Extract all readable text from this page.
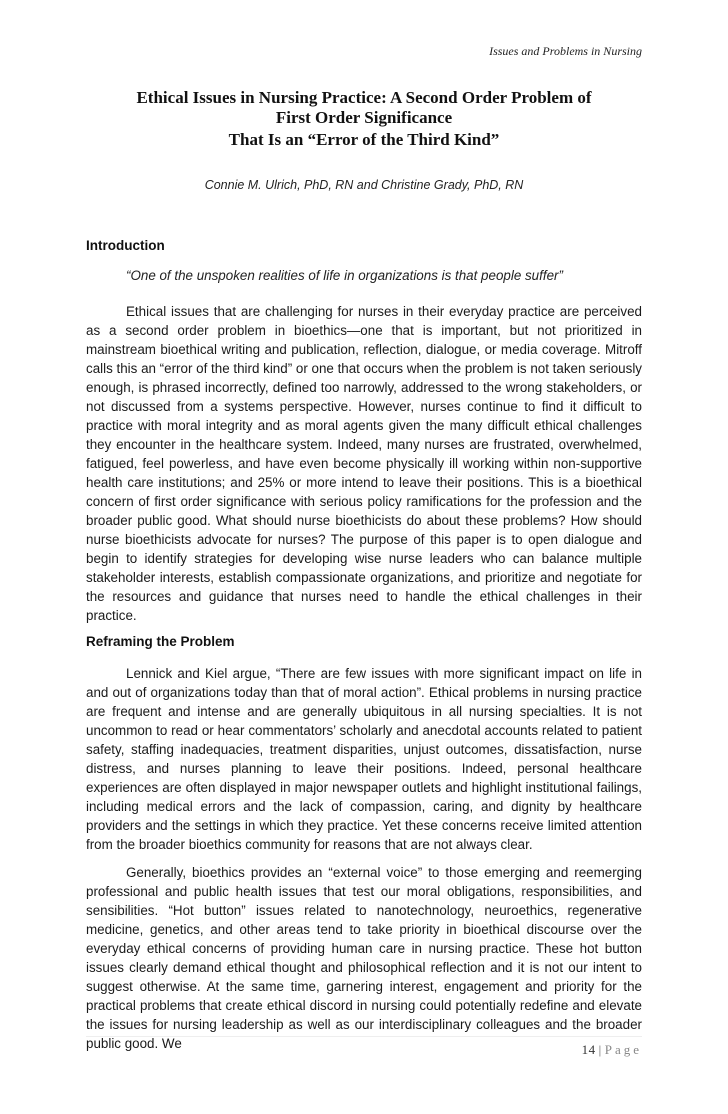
Issues and Problems in Nursing
Ethical Issues in Nursing Practice: A Second Order Problem of
First Order Significance
That Is an “Error of the Third Kind”
Connie M. Ulrich, PhD, RN and Christine Grady, PhD, RN
Introduction
“One of the unspoken realities of life in organizations is that people suffer”

Ethical issues that are challenging for nurses in their everyday practice are perceived as a second order problem in bioethics—one that is important, but not prioritized in mainstream bioethical writing and publication, reflection, dialogue, or media coverage. Mitroff calls this an “error of the third kind” or one that occurs when the problem is not taken seriously enough, is phrased incorrectly, defined too narrowly, addressed to the wrong stakeholders, or not discussed from a systems perspective. However, nurses continue to find it difficult to practice with moral integrity and as moral agents given the many difficult ethical challenges they encounter in the healthcare system. Indeed, many nurses are frustrated, overwhelmed, fatigued, feel powerless, and have even become physically ill working within non-supportive health care institutions; and 25% or more intend to leave their positions. This is a bioethical concern of first order significance with serious policy ramifications for the profession and the broader public good. What should nurse bioethicists do about these problems? How should nurse bioethicists advocate for nurses? The purpose of this paper is to open dialogue and begin to identify strategies for developing wise nurse leaders who can balance multiple stakeholder interests, establish compassionate organizations, and prioritize and negotiate for the resources and guidance that nurses need to handle the ethical challenges in their practice.

Reframing the Problem

Lennick and Kiel argue, “There are few issues with more significant impact on life in and out of organizations today than that of moral action”. Ethical problems in nursing practice are frequent and intense and are generally ubiquitous in all nursing specialties. It is not uncommon to read or hear commentators’ scholarly and anecdotal accounts related to patient safety, staffing inadequacies, treatment disparities, unjust outcomes, dissatisfaction, nurse distress, and nurses planning to leave their positions. Indeed, personal healthcare experiences are often displayed in major newspaper outlets and highlight institutional failings, including medical errors and the lack of compassion, caring, and dignity by healthcare providers and the settings in which they practice. Yet these concerns receive limited attention from the broader bioethics community for reasons that are not always clear.

Generally, bioethics provides an “external voice” to those emerging and reemerging professional and public health issues that test our moral obligations, responsibilities, and sensibilities. “Hot button” issues related to nanotechnology, neuroethics, regenerative medicine, genetics, and other areas tend to take priority in bioethical discourse over the everyday ethical concerns of providing human care in nursing practice. These hot button issues clearly demand ethical thought and philosophical reflection and it is not our intent to suggest otherwise. At the same time, garnering interest, engagement and priority for the practical problems that create ethical discord in nursing could potentially redefine and elevate the issues for nursing leadership as well as our interdisciplinary colleagues and the broader public good. We	14 | Page
